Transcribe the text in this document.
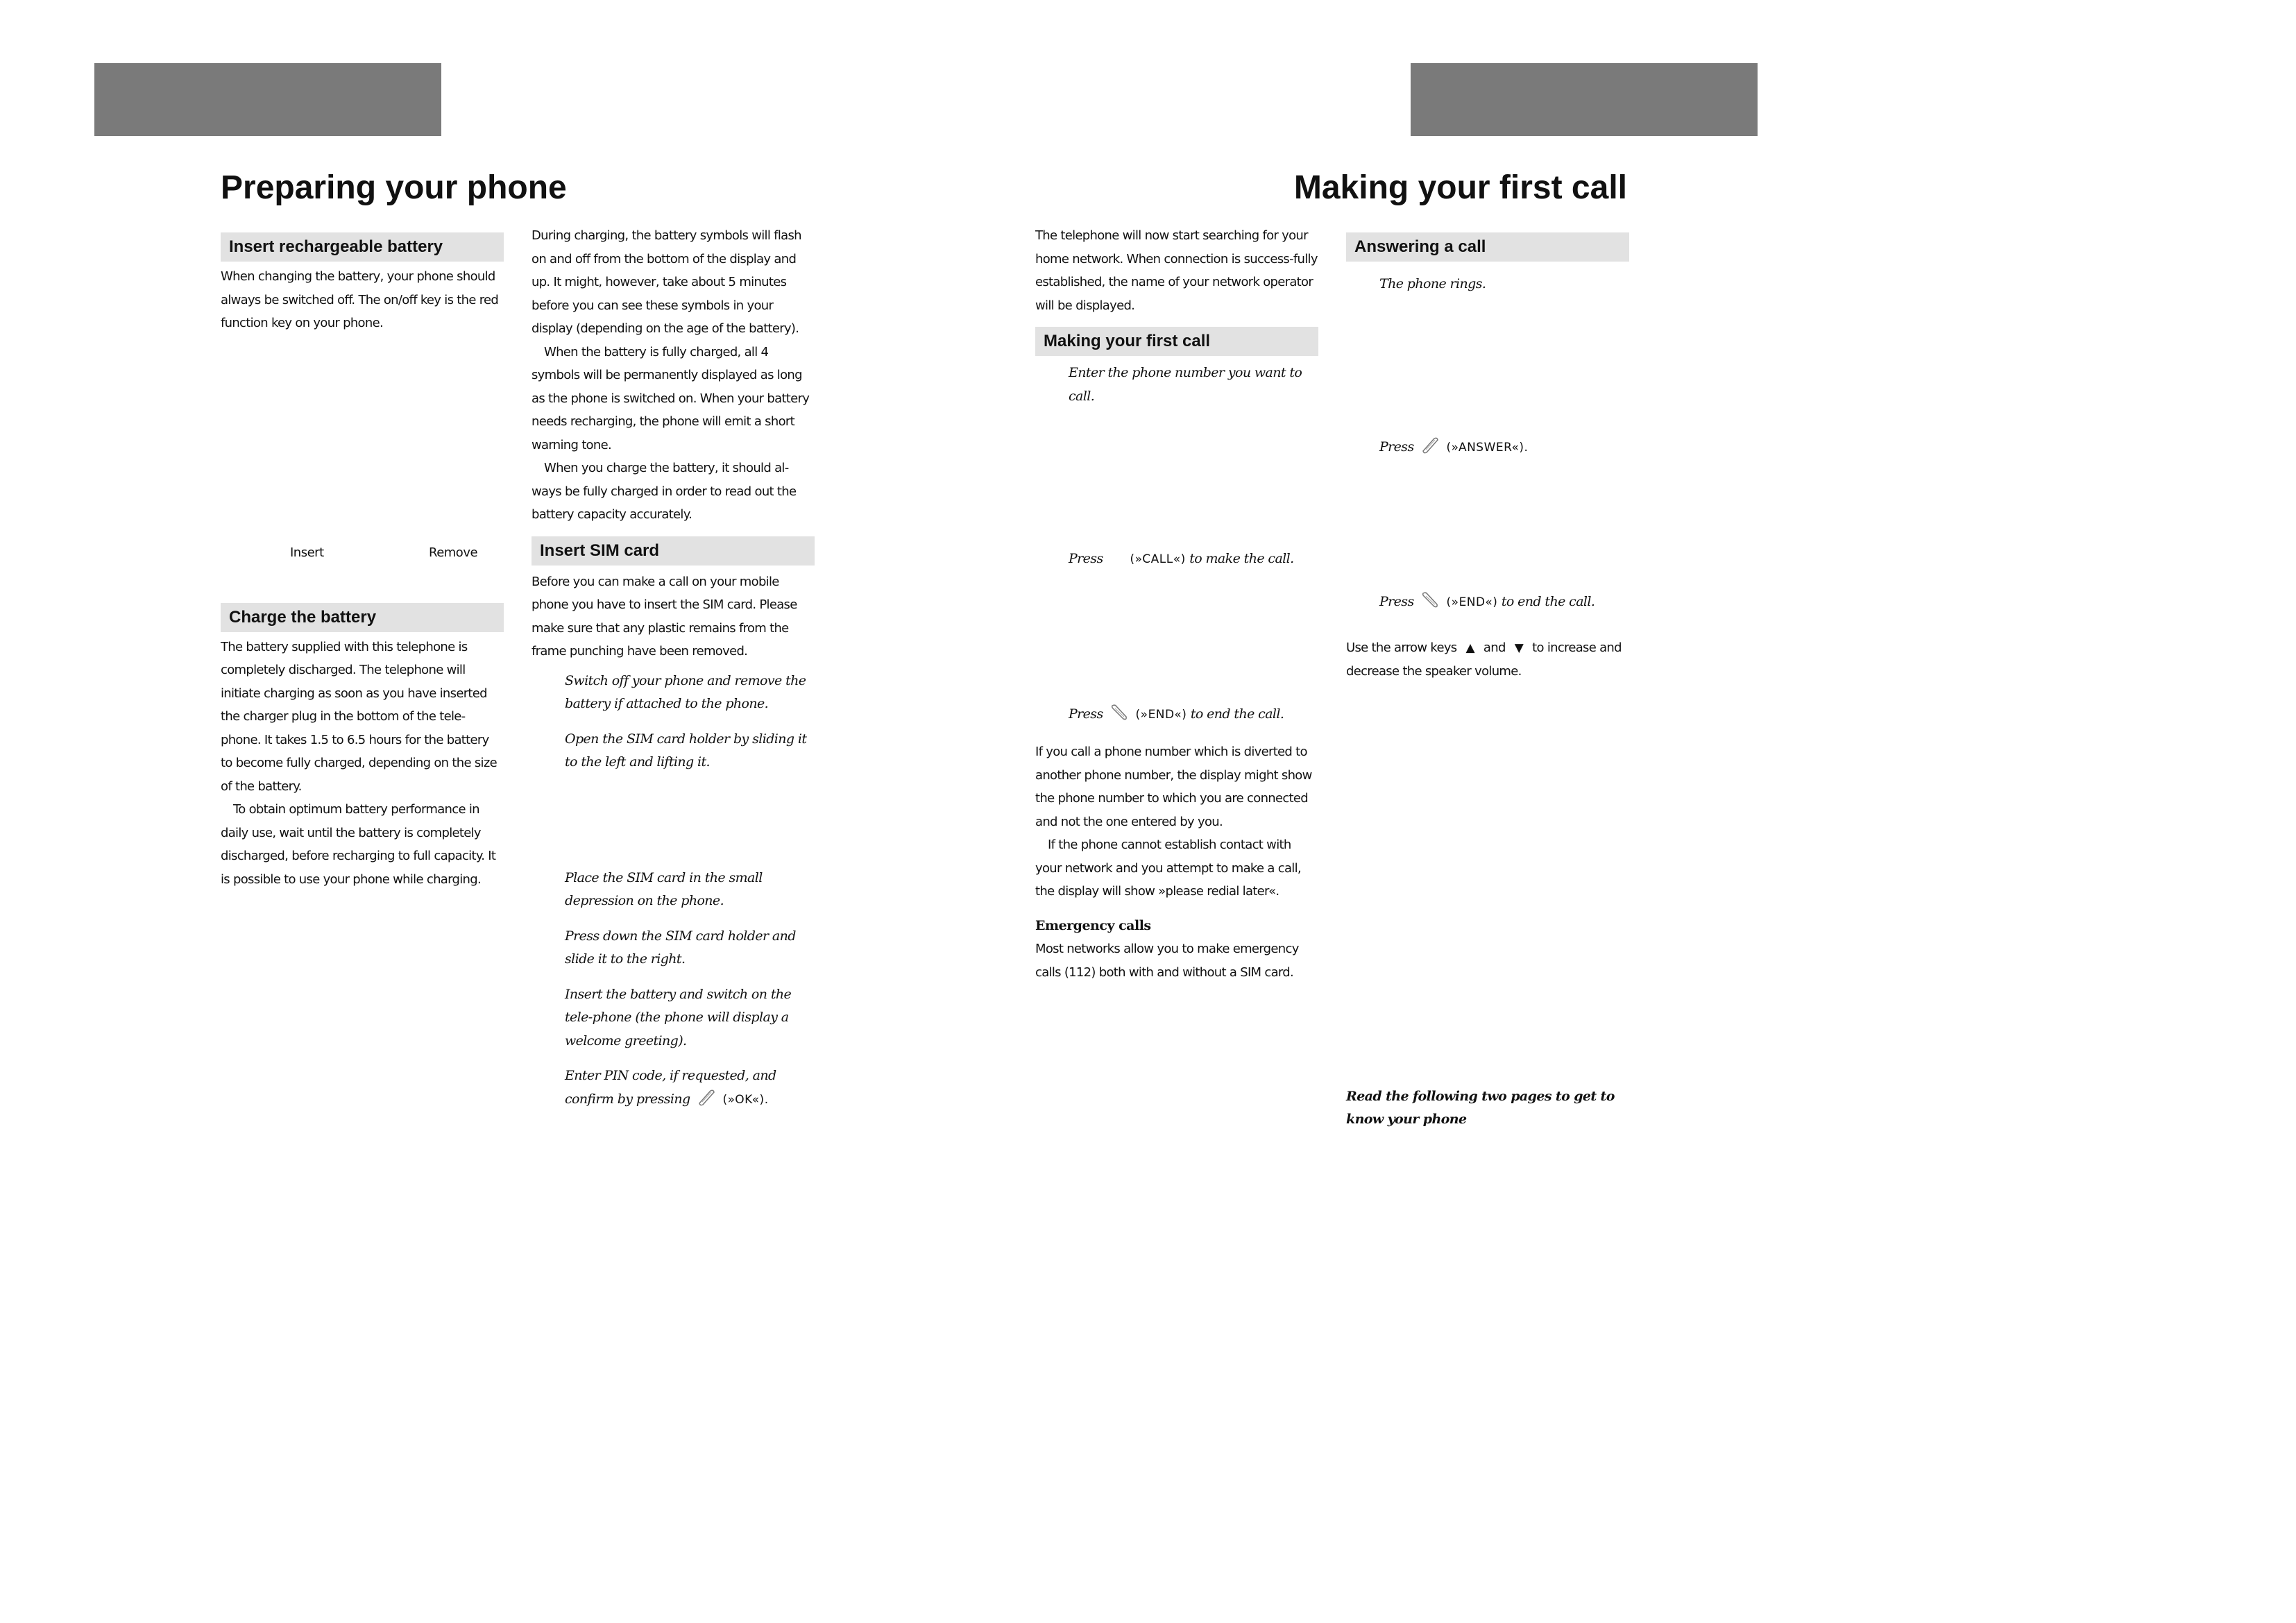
Preparing your phone	Making your first call
Insert rechargeable battery

When changing the battery, your phone should always be switched off. The on/off key is the red function key on your phone.

Insert	Remove
Charge the battery

The battery supplied with this telephone is completely discharged. The telephone will initiate charging as soon as you have inserted the charger plug in the bottom of the tele-phone. It takes 1.5 to 6.5 hours for the battery to become fully charged, depending on the size of the battery.

To obtain optimum battery performance in daily use, wait until the battery is completely discharged, before recharging to full capacity. It is possible to use your phone while charging.

During charging, the battery symbols will flash on and off from the bottom of the display and up. It might, however, take about 5 minutes before you can see these symbols in your display (depending on the age of the battery).

When the battery is fully charged, all 4 symbols will be permanently displayed as long as the phone is switched on. When your battery needs recharging, the phone will emit a short warning tone.

When you charge the battery, it should al-ways be fully charged in order to read out the battery capacity accurately.

Insert SIM card

Before you can make a call on your mobile phone you have to insert the SIM card. Please make sure that any plastic remains from the frame punching have been removed.

Switch off your phone and remove the battery if attached to the phone.

Open the SIM card holder by sliding it to the left and lifting it.

Place the SIM card in the small depression on the phone.

Press down the SIM card holder and slide it to the right.

Insert the battery and switch on the tele-phone (the phone will display a welcome greeting).

Enter PIN code, if requested, and confirm by pressing	(»OK«).

The telephone will now start searching for your home network. When connection is success-fully established, the name of your network operator will be displayed.

Making your first call

Enter the phone number you want to call.

Press (»CALL«) to make the call.

Press	(»END«) to end the call.

If you call a phone number which is diverted to another phone number, the display might show the phone number to which you are connected and not the one entered by you.

If the phone cannot establish contact with your network and you attempt to make a call, the display will show »please redial later«.

Emergency calls

Most networks allow you to make emergency calls (112) both with and without a SIM card.

Answering a call

The phone rings.

Press	(»ANSWER«).

Press	(»END«) to end the call.

Use the arrow keys ▲ and ▼ to increase and decrease the speaker volume.

Read the following two pages to get to know your phone
